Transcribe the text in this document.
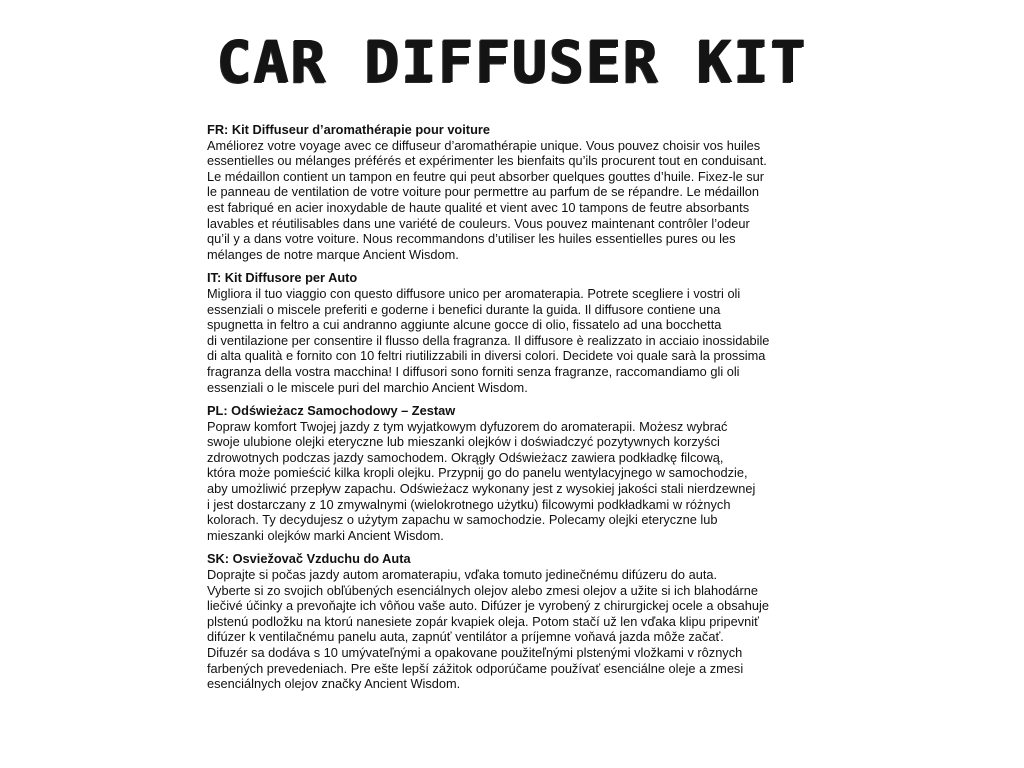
CAR DIFFUSER KIT

FR: Kit Diffuseur d’aromathérapie pour voiture

Améliorez votre voyage avec ce diffuseur d’aromathérapie unique. Vous pouvez choisir vos huiles

essentielles ou mélanges préférés et expérimenter les bienfaits qu’ils procurent tout en conduisant.

Le médaillon contient un tampon en feutre qui peut absorber quelques gouttes d’huile. Fixez-le sur

le panneau de ventilation de votre voiture pour permettre au parfum de se répandre. Le médaillon

est fabriqué en acier inoxydable de haute qualité et vient avec 10 tampons de feutre absorbants

lavables et réutilisables dans une variété de couleurs. Vous pouvez maintenant contrôler l’odeur

qu’il y a dans votre voiture. Nous recommandons d’utiliser les huiles essentielles pures ou les

mélanges de notre marque Ancient Wisdom.

IT: Kit Diffusore per Auto

Migliora il tuo viaggio con questo diffusore unico per aromaterapia. Potrete scegliere i vostri oli

essenziali o miscele preferiti e goderne i benefici durante la guida. Il diffusore contiene una

spugnetta in feltro a cui andranno aggiunte alcune gocce di olio, fissatelo ad una bocchetta

di ventilazione per consentire il flusso della fragranza. Il diffusore è realizzato in acciaio inossidabile

di alta qualità e fornito con 10 feltri riutilizzabili in diversi colori. Decidete voi quale sarà la prossima

fragranza della vostra macchina! I diffusori sono forniti senza fragranze, raccomandiamo gli oli

essenziali o le miscele puri del marchio Ancient Wisdom.

PL: Odświeżacz Samochodowy – Zestaw

Popraw komfort Twojej jazdy z tym wyjatkowym dyfuzorem do aromaterapii. Możesz wybrać

swoje ulubione olejki eteryczne lub mieszanki olejków i doświadczyć pozytywnych korzyści

zdrowotnych podczas jazdy samochodem. Okrągły Odświeżacz zawiera podkładkę filcową,

która może pomieścić kilka kropli olejku. Przypnij go do panelu wentylacyjnego w samochodzie,

aby umożliwić przepływ zapachu. Odświeżacz wykonany jest z wysokiej jakości stali nierdzewnej

i jest dostarczany z 10 zmywalnymi (wielokrotnego użytku) filcowymi podkładkami w różnych

kolorach. Ty decydujesz o użytym zapachu w samochodzie. Polecamy olejki eteryczne lub

mieszanki olejków marki Ancient Wisdom.

SK: Osviežovač Vzduchu do Auta

Doprajte si počas jazdy autom aromaterapiu, vďaka tomuto jedinečnému difúzeru do auta.

Vyberte si zo svojich obľúbených esenciálnych olejov alebo zmesi olejov a užite si ich blahodárne

liečivé účinky a prevoňajte ich vôňou vaše auto. Difúzer je vyrobený z chirurgickej ocele a obsahuje

plstenú podložku na ktorú nanesiete zopár kvapiek oleja. Potom stačí už len vďaka klipu pripevniť

difúzer k ventilačnému panelu auta, zapnúť ventilátor a príjemne voňavá jazda môže začať.

Difuzér sa dodáva s 10 umývateľnými a opakovane použiteľnými plstenými vložkami v rôznych

farbených prevedeniach. Pre ešte lepší zážitok odporúčame používať esenciálne oleje a zmesi

esenciálnych olejov značky Ancient Wisdom.
